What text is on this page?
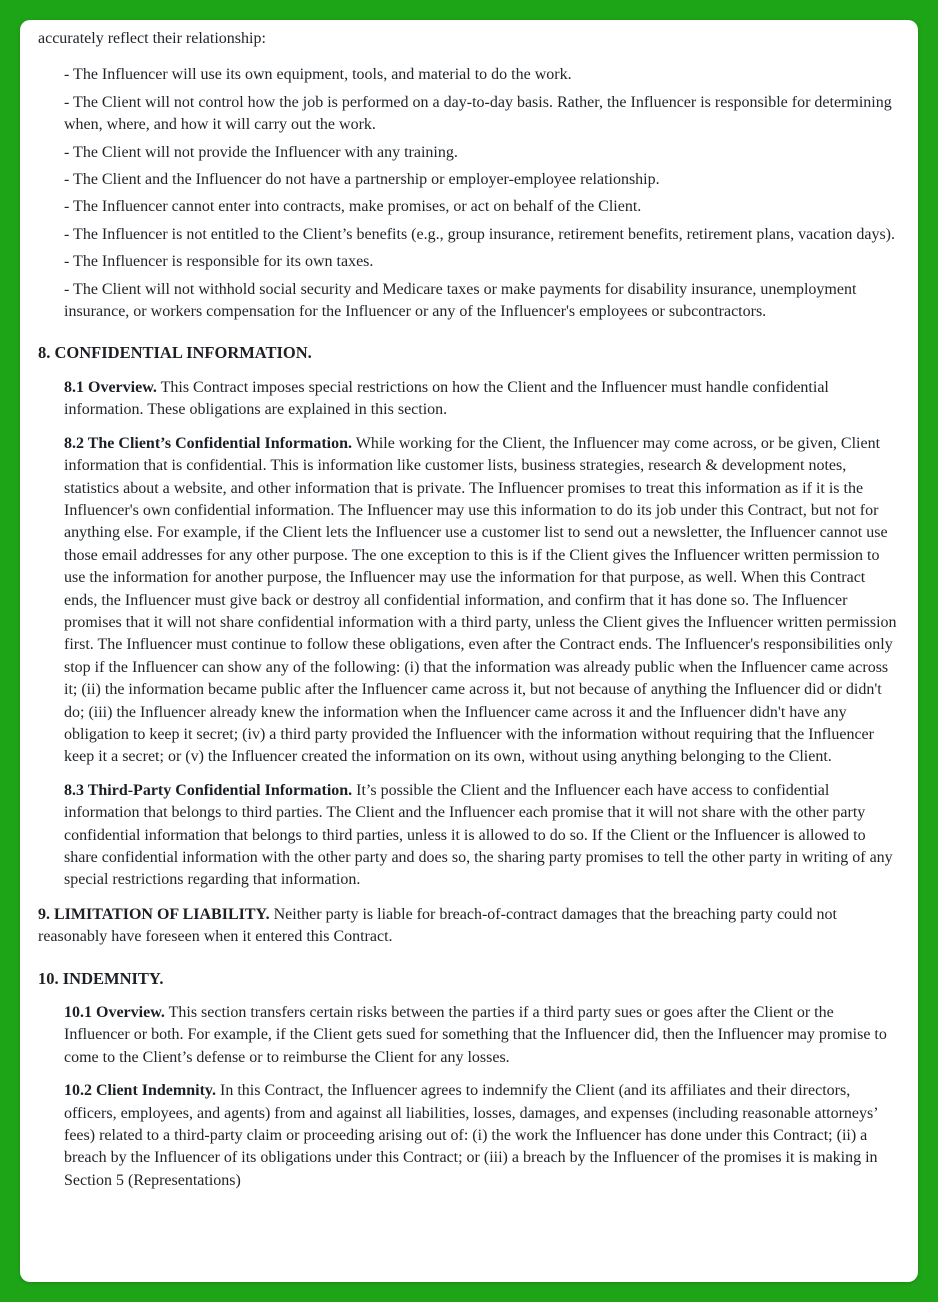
accurately reflect their relationship:

- The Influencer will use its own equipment, tools, and material to do the work.

- The Client will not control how the job is performed on a day-to-day basis. Rather, the Influencer is responsible for determining when, where, and how it will carry out the work.

- The Client will not provide the Influencer with any training.

- The Client and the Influencer do not have a partnership or employer-employee relationship.

- The Influencer cannot enter into contracts, make promises, or act on behalf of the Client.

- The Influencer is not entitled to the Client’s benefits (e.g., group insurance, retirement benefits, retirement plans, vacation days).

- The Influencer is responsible for its own taxes.

- The Client will not withhold social security and Medicare taxes or make payments for disability insurance, unemployment insurance, or workers compensation for the Influencer or any of the Influencer's employees or subcontractors.

8. CONFIDENTIAL INFORMATION.

8.1 Overview. This Contract imposes special restrictions on how the Client and the Influencer must handle confidential information. These obligations are explained in this section.

8.2 The Client’s Confidential Information. While working for the Client, the Influencer may come across, or be given, Client information that is confidential. This is information like customer lists, business strategies, research & development notes, statistics about a website, and other information that is private. The Influencer promises to treat this information as if it is the Influencer's own confidential information. The Influencer may use this information to do its job under this Contract, but not for anything else. For example, if the Client lets the Influencer use a customer list to send out a newsletter, the Influencer cannot use those email addresses for any other purpose. The one exception to this is if the Client gives the Influencer written permission to use the information for another purpose, the Influencer may use the information for that purpose, as well. When this Contract ends, the Influencer must give back or destroy all confidential information, and confirm that it has done so. The Influencer promises that it will not share confidential information with a third party, unless the Client gives the Influencer written permission first. The Influencer must continue to follow these obligations, even after the Contract ends. The Influencer's responsibilities only stop if the Influencer can show any of the following: (i) that the information was already public when the Influencer came across it; (ii) the information became public after the Influencer came across it, but not because of anything the Influencer did or didn't do; (iii) the Influencer already knew the information when the Influencer came across it and the Influencer didn't have any obligation to keep it secret; (iv) a third party provided the Influencer with the information without requiring that the Influencer keep it a secret; or (v) the Influencer created the information on its own, without using anything belonging to the Client.

8.3 Third-Party Confidential Information. It’s possible the Client and the Influencer each have access to confidential information that belongs to third parties. The Client and the Influencer each promise that it will not share with the other party confidential information that belongs to third parties, unless it is allowed to do so. If the Client or the Influencer is allowed to share confidential information with the other party and does so, the sharing party promises to tell the other party in writing of any special restrictions regarding that information.

9. LIMITATION OF LIABILITY. Neither party is liable for breach-of-contract damages that the breaching party could not reasonably have foreseen when it entered this Contract.

10. INDEMNITY.

10.1 Overview. This section transfers certain risks between the parties if a third party sues or goes after the Client or the Influencer or both. For example, if the Client gets sued for something that the Influencer did, then the Influencer may promise to come to the Client’s defense or to reimburse the Client for any losses.

10.2 Client Indemnity. In this Contract, the Influencer agrees to indemnify the Client (and its affiliates and their directors, officers, employees, and agents) from and against all liabilities, losses, damages, and expenses (including reasonable attorneys’ fees) related to a third-party claim or proceeding arising out of: (i) the work the Influencer has done under this Contract; (ii) a breach by the Influencer of its obligations under this Contract; or (iii) a breach by the Influencer of the promises it is making in Section 5 (Representations)
